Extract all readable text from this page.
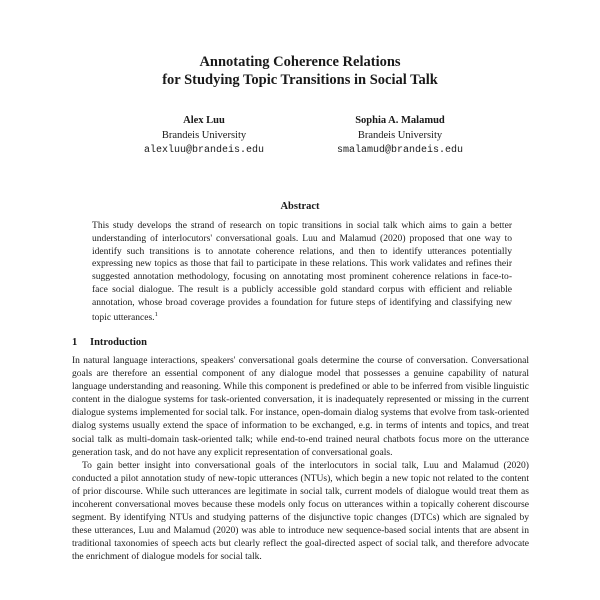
Annotating Coherence Relations
for Studying Topic Transitions in Social Talk
Alex Luu
Brandeis University
alexluu@brandeis.edu
Sophia A. Malamud
Brandeis University
smalamud@brandeis.edu
Abstract
This study develops the strand of research on topic transitions in social talk which aims to gain a better understanding of interlocutors' conversational goals. Luu and Malamud (2020) proposed that one way to identify such transitions is to annotate coherence relations, and then to identify utterances potentially expressing new topics as those that fail to participate in these relations. This work validates and refines their suggested annotation methodology, focusing on annotating most prominent coherence relations in face-to-face social dialogue. The result is a publicly accessible gold standard corpus with efficient and reliable annotation, whose broad coverage provides a foundation for future steps of identifying and classifying new topic utterances.$^1$
1 Introduction

In natural language interactions, speakers' conversational goals determine the course of conversation. Conversational goals are therefore an essential component of any dialogue model that possesses a genuine capability of natural language understanding and reasoning. While this component is predefined or able to be inferred from visible linguistic content in the dialogue systems for task-oriented conversation, it is inadequately represented or missing in the current dialogue systems implemented for social talk. For instance, open-domain dialog systems that evolve from task-oriented dialog systems usually extend the space of information to be exchanged, e.g. in terms of intents and topics, and treat social talk as multi-domain task-oriented talk; while end-to-end trained neural chatbots focus more on the utterance generation task, and do not have any explicit representation of conversational goals.

To gain better insight into conversational goals of the interlocutors in social talk, Luu and Malamud (2020) conducted a pilot annotation study of new-topic utterances (NTUs), which begin a new topic not related to the content of prior discourse. While such utterances are legitimate in social talk, current models of dialogue would treat them as incoherent conversational moves because these models only focus on utterances within a topically coherent discourse segment. By identifying NTUs and studying patterns of the disjunctive topic changes (DTCs) which are signaled by these utterances, Luu and Malamud (2020) was able to introduce new sequence-based social intents that are absent in traditional taxonomies of speech acts but clearly reflect the goal-directed aspect of social talk, and therefore advocate the enrichment of dialogue models for social talk.
